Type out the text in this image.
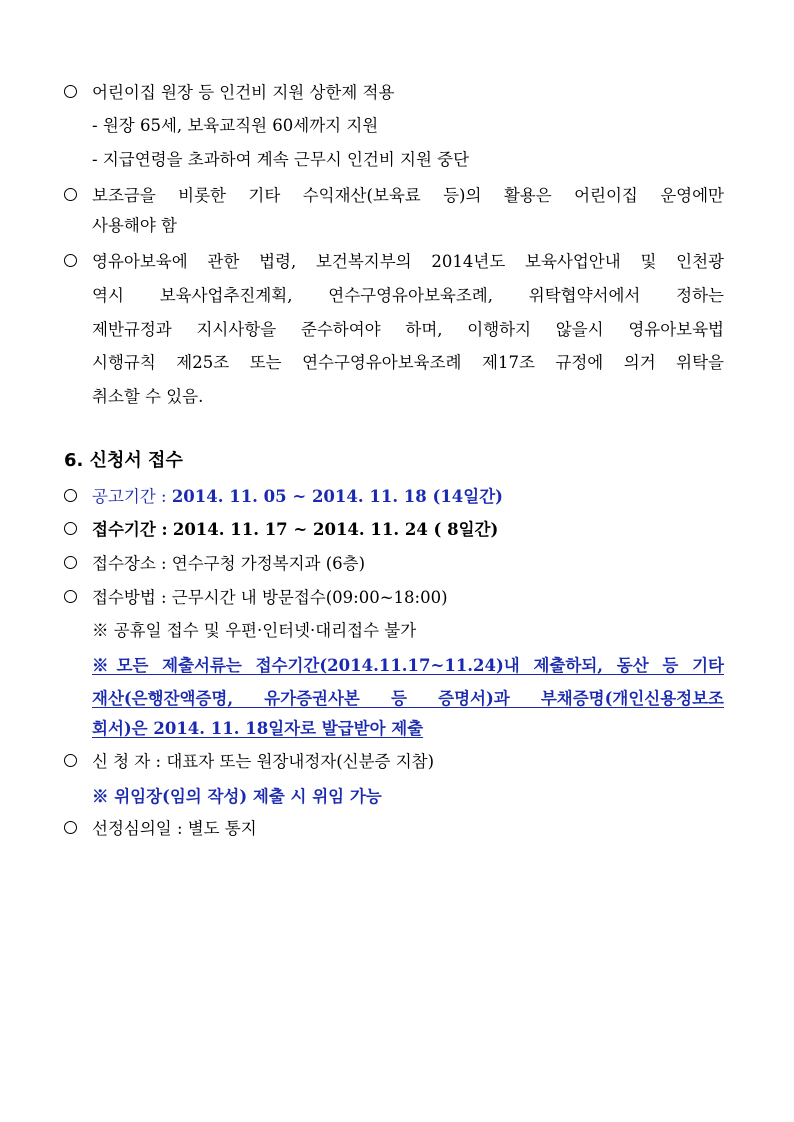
어린이집 원장 등 인건비 지원 상한제 적용
- 원장 65세, 보육교직원 60세까지 지원
- 지급연령을 초과하여 계속 근무시 인건비 지원 중단
보조금을 비롯한 기타 수익재산(보육료 등)의 활용은 어린이집 운영에만
사용해야 함
영유아보육에 관한 법령, 보건복지부의 2014년도 보육사업안내 및 인천광
역시 보육사업추진계획, 연수구영유아보육조례, 위탁협약서에서 정하는
제반규정과 지시사항을 준수하여야 하며, 이행하지 않을시 영유아보육법
시행규칙 제25조 또는 연수구영유아보육조례 제17조 규정에 의거 위탁을
취소할 수 있음.
6. 신청서 접수
공고기간 : 2014. 11. 05 ~ 2014. 11. 18 (14일간)
접수기간 : 2014. 11. 17 ~ 2014. 11. 24 ( 8일간)
접수장소 : 연수구청 가정복지과 (6층)
접수방법 : 근무시간 내 방문접수(09:00~18:00)
※ 공휴일 접수 및 우편·인터넷·대리접수 불가
※모든 제출서류는 접수기간(2014.11.17~11.24)내 제출하되, 동산 등 기타
재산(은행잔액증명, 유가증권사본 등 증명서)과 부채증명(개인신용정보조
회서)은 2014. 11. 18일자로 발급받아 제출
신 청 자 : 대표자 또는 원장내정자(신분증 지참)
※ 위임장(임의 작성) 제출 시 위임 가능
선정심의일 : 별도 통지
